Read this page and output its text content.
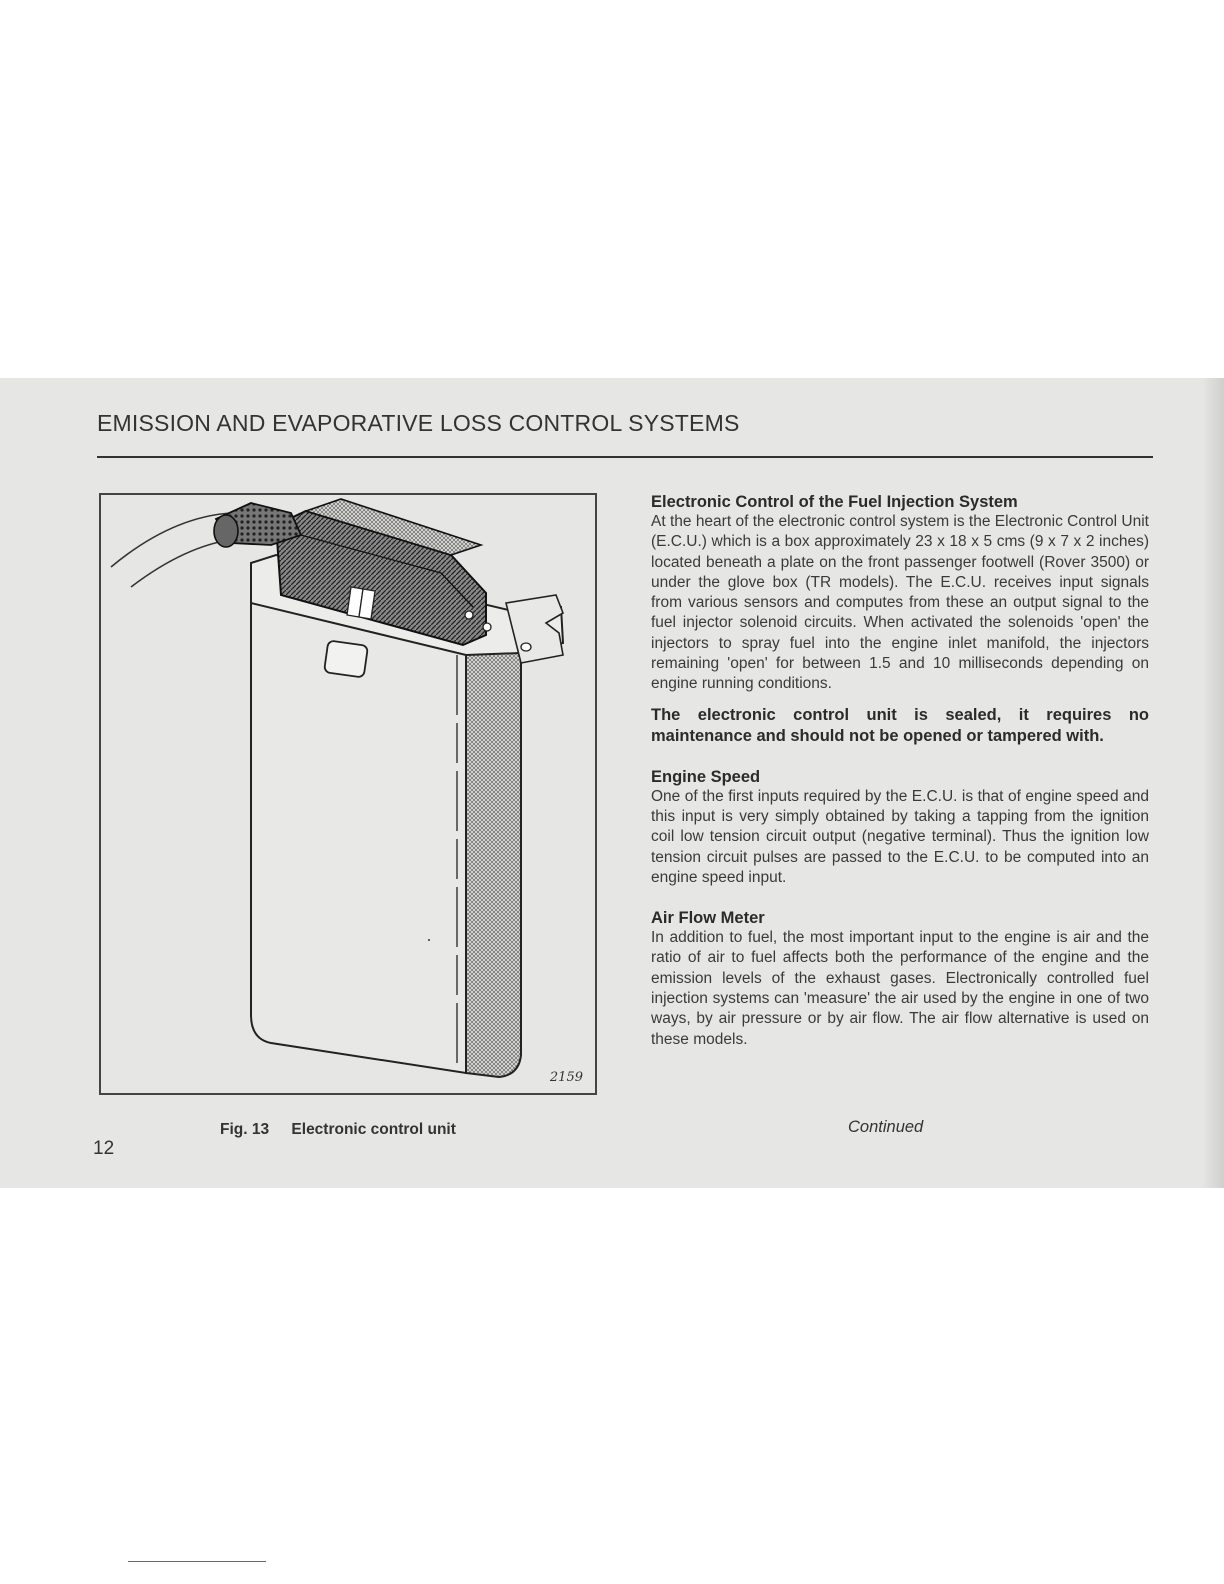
EMISSION AND EVAPORATIVE LOSS CONTROL SYSTEMS
2159
Fig. 13 Electronic control unit
12
Electronic Control of the Fuel Injection System

At the heart of the electronic control system is the Electronic Control Unit (E.C.U.) which is a box approximately 23 x 18 x 5 cms (9 x 7 x 2 inches) located beneath a plate on the front passenger footwell (Rover 3500) or under the glove box (TR models). The E.C.U. receives input signals from various sensors and computes from these an output signal to the fuel injector solenoid circuits. When activated the solenoids 'open' the injectors to spray fuel into the engine inlet manifold, the injectors remaining 'open' for between 1.5 and 10 milliseconds depending on engine running conditions.

The electronic control unit is sealed, it requires no maintenance and should not be opened or tampered with.

Engine Speed

One of the first inputs required by the E.C.U. is that of engine speed and this input is very simply obtained by taking a tapping from the ignition coil low tension circuit output (negative terminal). Thus the ignition low tension circuit pulses are passed to the E.C.U. to be computed into an engine speed input.

Air Flow Meter

In addition to fuel, the most important input to the engine is air and the ratio of air to fuel affects both the performance of the engine and the emission levels of the exhaust gases. Electronically controlled fuel injection systems can 'measure' the air used by the engine in one of two ways, by air pressure or by air flow. The air flow alternative is used on these models.

Continued
